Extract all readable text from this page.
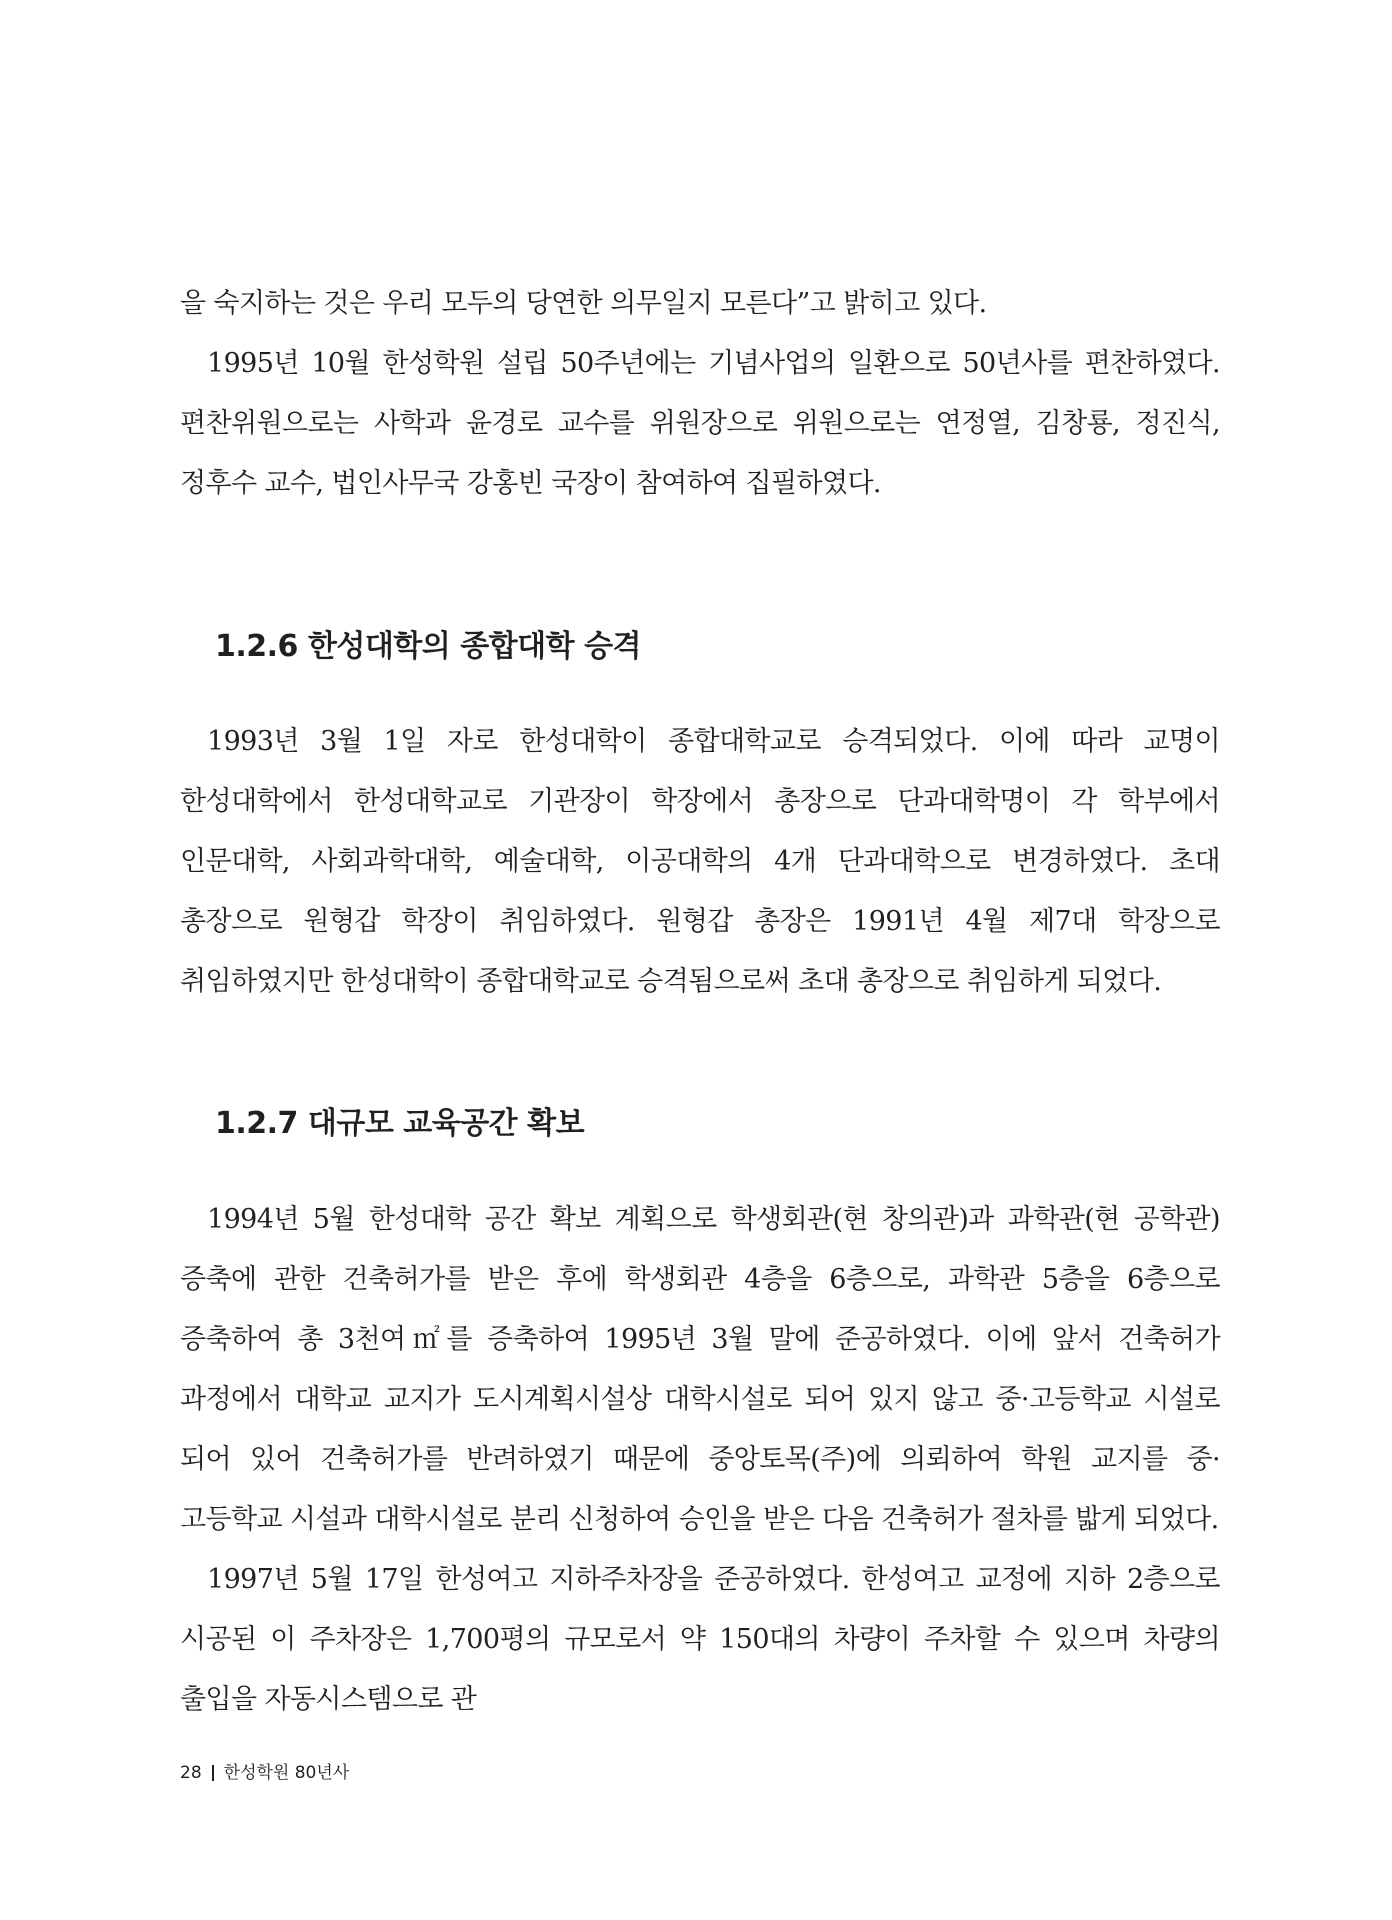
을 숙지하는 것은 우리 모두의 당연한 의무일지 모른다”고 밝히고 있다.

1995년 10월 한성학원 설립 50주년에는 기념사업의 일환으로 50년사를 편찬하였다. 편찬위원으로는 사학과 윤경로 교수를 위원장으로 위원으로는 연정열, 김창룡, 정진식, 정후수 교수, 법인사무국 강홍빈 국장이 참여하여 집필하였다.

1.2.6 한성대학의 종합대학 승격

1993년 3월 1일 자로 한성대학이 종합대학교로 승격되었다. 이에 따라 교명이 한성대학에서 한성대학교로 기관장이 학장에서 총장으로 단과대학명이 각 학부에서 인문대학, 사회과학대학, 예술대학, 이공대학의 4개 단과대학으로 변경하였다. 초대 총장으로 원형갑 학장이 취임하였다. 원형갑 총장은 1991년 4월 제7대 학장으로 취임하였지만 한성대학이 종합대학교로 승격됨으로써 초대 총장으로 취임하게 되었다.

1.2.7 대규모 교육공간 확보

1994년 5월 한성대학 공간 확보 계획으로 학생회관(현 창의관)과 과학관(현 공학관) 증축에 관한 건축허가를 받은 후에 학생회관 4층을 6층으로, 과학관 5층을 6층으로 증축하여 총 3천여㎡를 증축하여 1995년 3월 말에 준공하였다. 이에 앞서 건축허가 과정에서 대학교 교지가 도시계획시설상 대학시설로 되어 있지 않고 중·고등학교 시설로 되어 있어 건축허가를 반려하였기 때문에 중앙토목(주)에 의뢰하여 학원 교지를 중·고등학교 시설과 대학시설로 분리 신청하여 승인을 받은 다음 건축허가 절차를 밟게 되었다.

1997년 5월 17일 한성여고 지하주차장을 준공하였다. 한성여고 교정에 지하 2층으로 시공된 이 주차장은 1,700평의 규모로서 약 150대의 차량이 주차할 수 있으며 차량의 출입을 자동시스템으로 관

28 한성학원 80년사
